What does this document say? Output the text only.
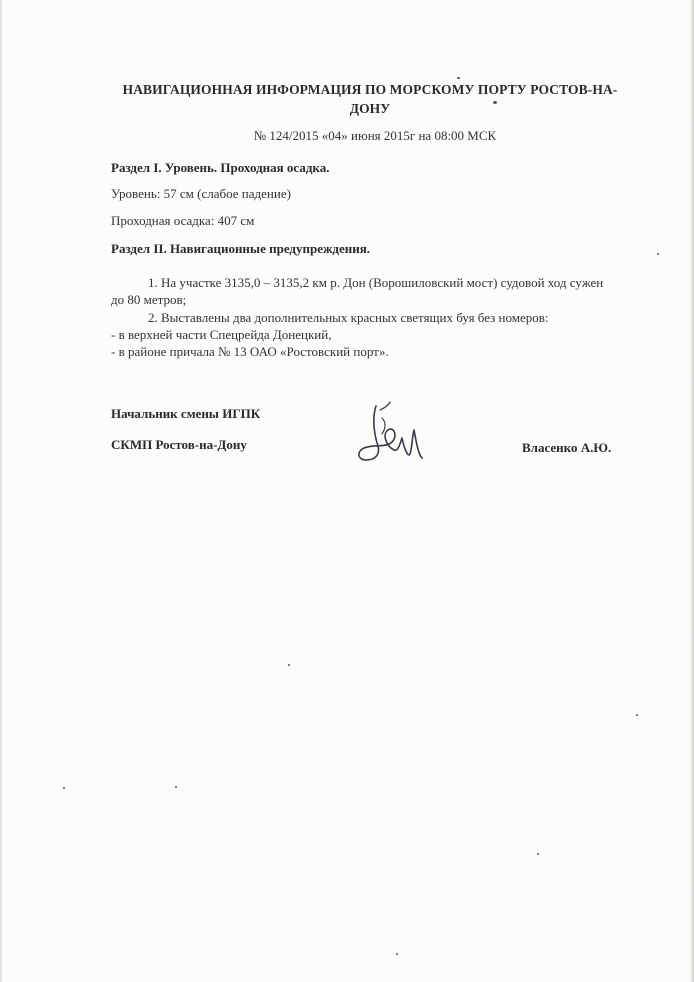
НАВИГАЦИОННАЯ ИНФОРМАЦИЯ ПО МОРСКОМУ ПОРТУ РОСТОВ-НА-ДОНУ
№ 124/2015 «04» июня 2015г на 08:00 МСК
Раздел I. Уровень. Проходная осадка.
Уровень: 57 см (слабое падение)
Проходная осадка: 407 см
Раздел II. Навигационные предупреждения.
1. На участке 3135,0 – 3135,2 км р. Дон (Ворошиловский мост) судовой ход сужен
до 80 метров;
2. Выставлены два дополнительных красных светящих буя без номеров:
- в верхней части Спецрейда Донецкий,
- в районе причала № 13 ОАО «Ростовский порт».
Начальник смены ИГПК
СКМП Ростов-на-Дону	Власенко А.Ю.
